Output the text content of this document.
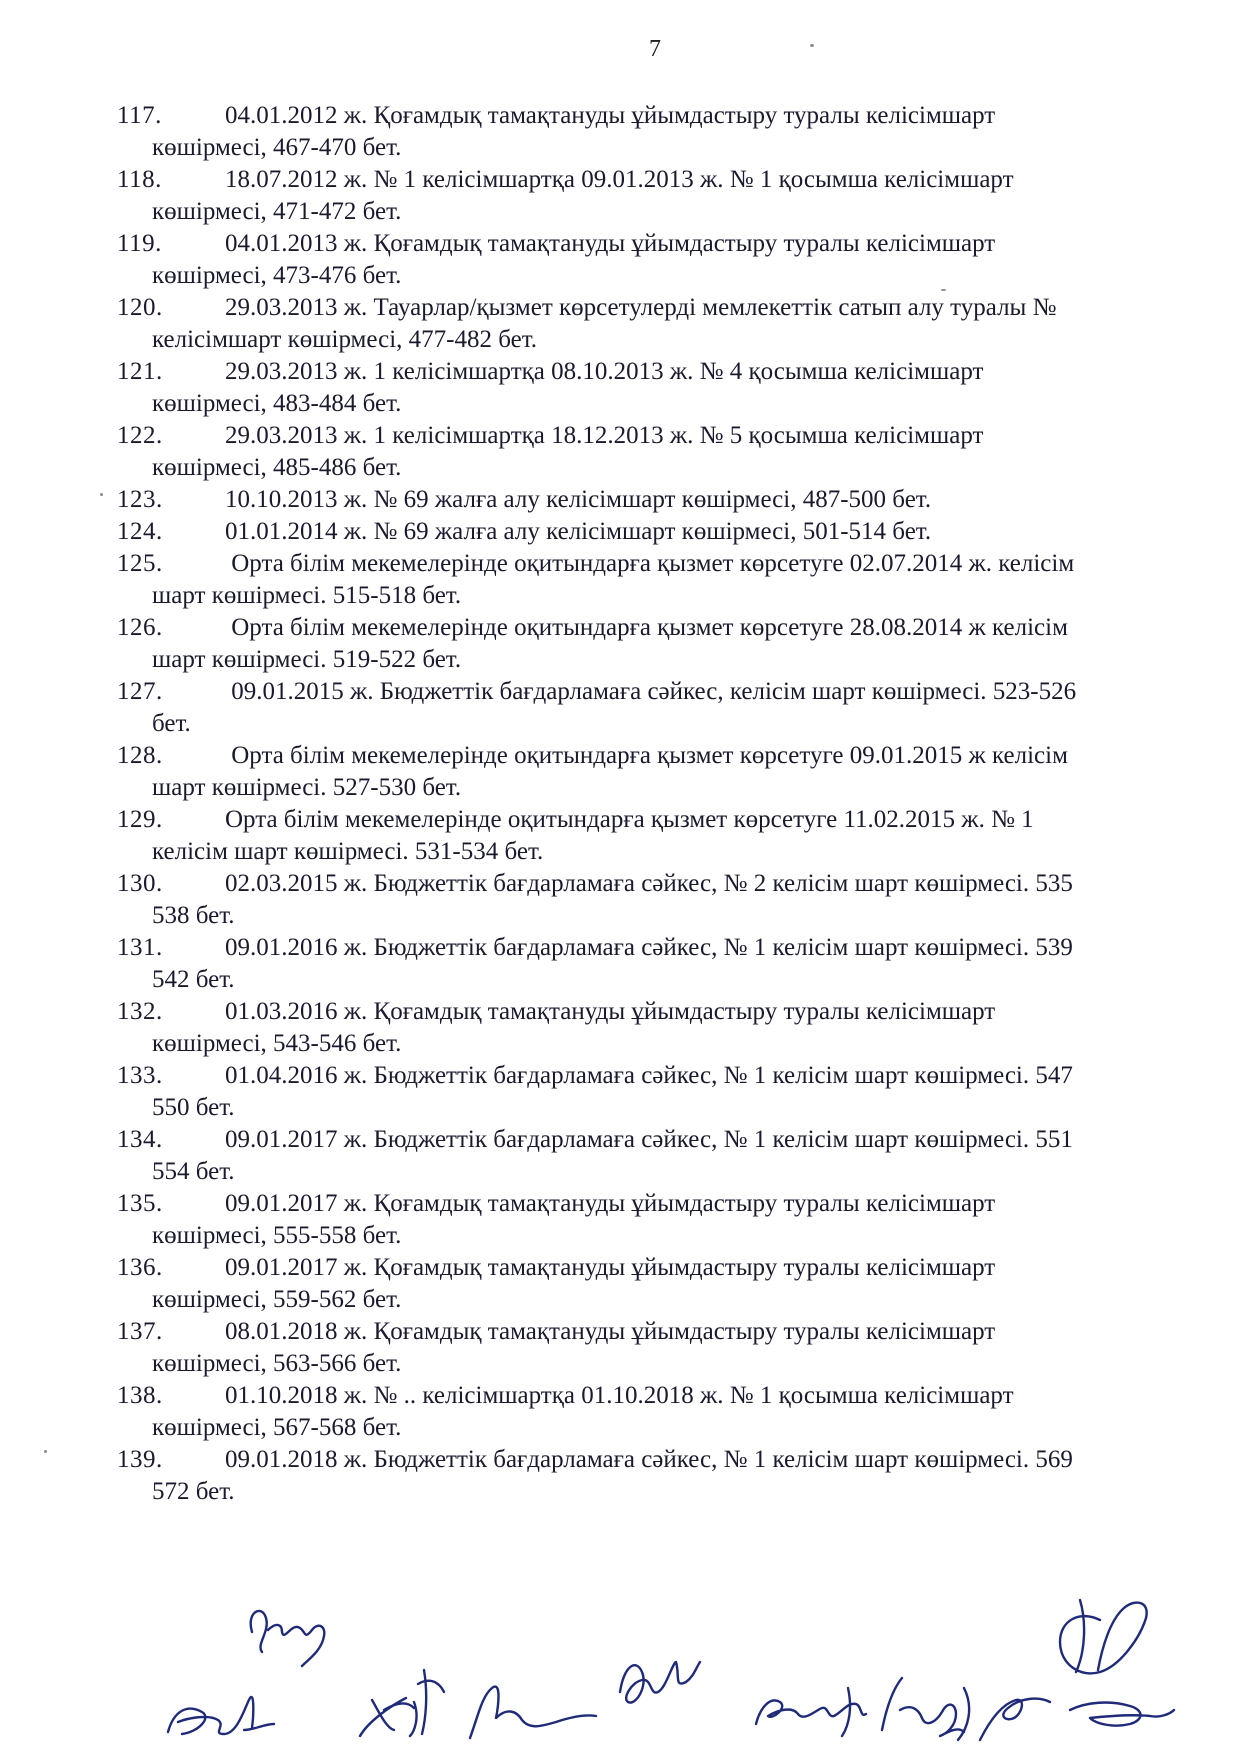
7
117.	04.01.2012 ж. Қоғамдық тамақтануды ұйымдастыру туралы келісімшарт
көшірмесі, 467-470 бет.
118.	18.07.2012 ж. № 1 келісімшартқа 09.01.2013 ж. № 1 қосымша келісімшарт
көшірмесі, 471-472 бет.
119.	04.01.2013 ж. Қоғамдық тамақтануды ұйымдастыру туралы келісімшарт
көшірмесі, 473-476 бет.
120. 29.03.2013 ж. Тауарлар/қызмет көрсетулерді мемлекеттік сатып алу туралы №
келісімшарт көшірмесі, 477-482 бет.
121. 29.03.2013 ж. 1 келісімшартқа 08.10.2013 ж. № 4 қосымша келісімшарт
көшірмесі, 483-484 бет.
122. 29.03.2013 ж. 1 келісімшартқа 18.12.2013 ж. № 5 қосымша келісімшарт
көшірмесі, 485-486 бет.
123. 10.10.2013 ж. № 69 жалға алу келісімшарт көшірмесі, 487-500 бет.
124. 01.01.2014 ж. № 69 жалға алу келісімшарт көшірмесі, 501-514 бет.
125. Орта білім мекемелерінде оқитындарға қызмет көрсетуге 02.07.2014 ж. келісім
шарт көшірмесі. 515-518 бет.
126. Орта білім мекемелерінде оқитындарға қызмет көрсетуге 28.08.2014 ж келісім
шарт көшірмесі. 519-522 бет.
127. 09.01.2015 ж. Бюджеттік бағдарламаға сәйкес, келісім шарт көшірмесі. 523-526
бет.
128. Орта білім мекемелерінде оқитындарға қызмет көрсетуге 09.01.2015 ж келісім
шарт көшірмесі. 527-530 бет.
129. Орта білім мекемелерінде оқитындарға қызмет көрсетуге 11.02.2015 ж. № 1
келісім шарт көшірмесі. 531-534 бет.
130. 02.03.2015 ж. Бюджеттік бағдарламаға сәйкес, № 2 келісім шарт көшірмесі. 535
538 бет.
131. 09.01.2016 ж. Бюджеттік бағдарламаға сәйкес, № 1 келісім шарт көшірмесі. 539
542 бет.
132. 01.03.2016 ж. Қоғамдық тамақтануды ұйымдастыру туралы келісімшарт
көшірмесі, 543-546 бет.
133. 01.04.2016 ж. Бюджеттік бағдарламаға сәйкес, № 1 келісім шарт көшірмесі. 547
550 бет.
134. 09.01.2017 ж. Бюджеттік бағдарламаға сәйкес, № 1 келісім шарт көшірмесі. 551
554 бет.
135. 09.01.2017 ж. Қоғамдық тамақтануды ұйымдастыру туралы келісімшарт
көшірмесі, 555-558 бет.
136. 09.01.2017 ж. Қоғамдық тамақтануды ұйымдастыру туралы келісімшарт
көшірмесі, 559-562 бет.
137. 08.01.2018 ж. Қоғамдық тамақтануды ұйымдастыру туралы келісімшарт
көшірмесі, 563-566 бет.
138. 01.10.2018 ж. № .. келісімшартқа 01.10.2018 ж. № 1 қосымша келісімшарт
көшірмесі, 567-568 бет.
139. 09.01.2018 ж. Бюджеттік бағдарламаға сәйкес, № 1 келісім шарт көшірмесі. 569
572 бет.
